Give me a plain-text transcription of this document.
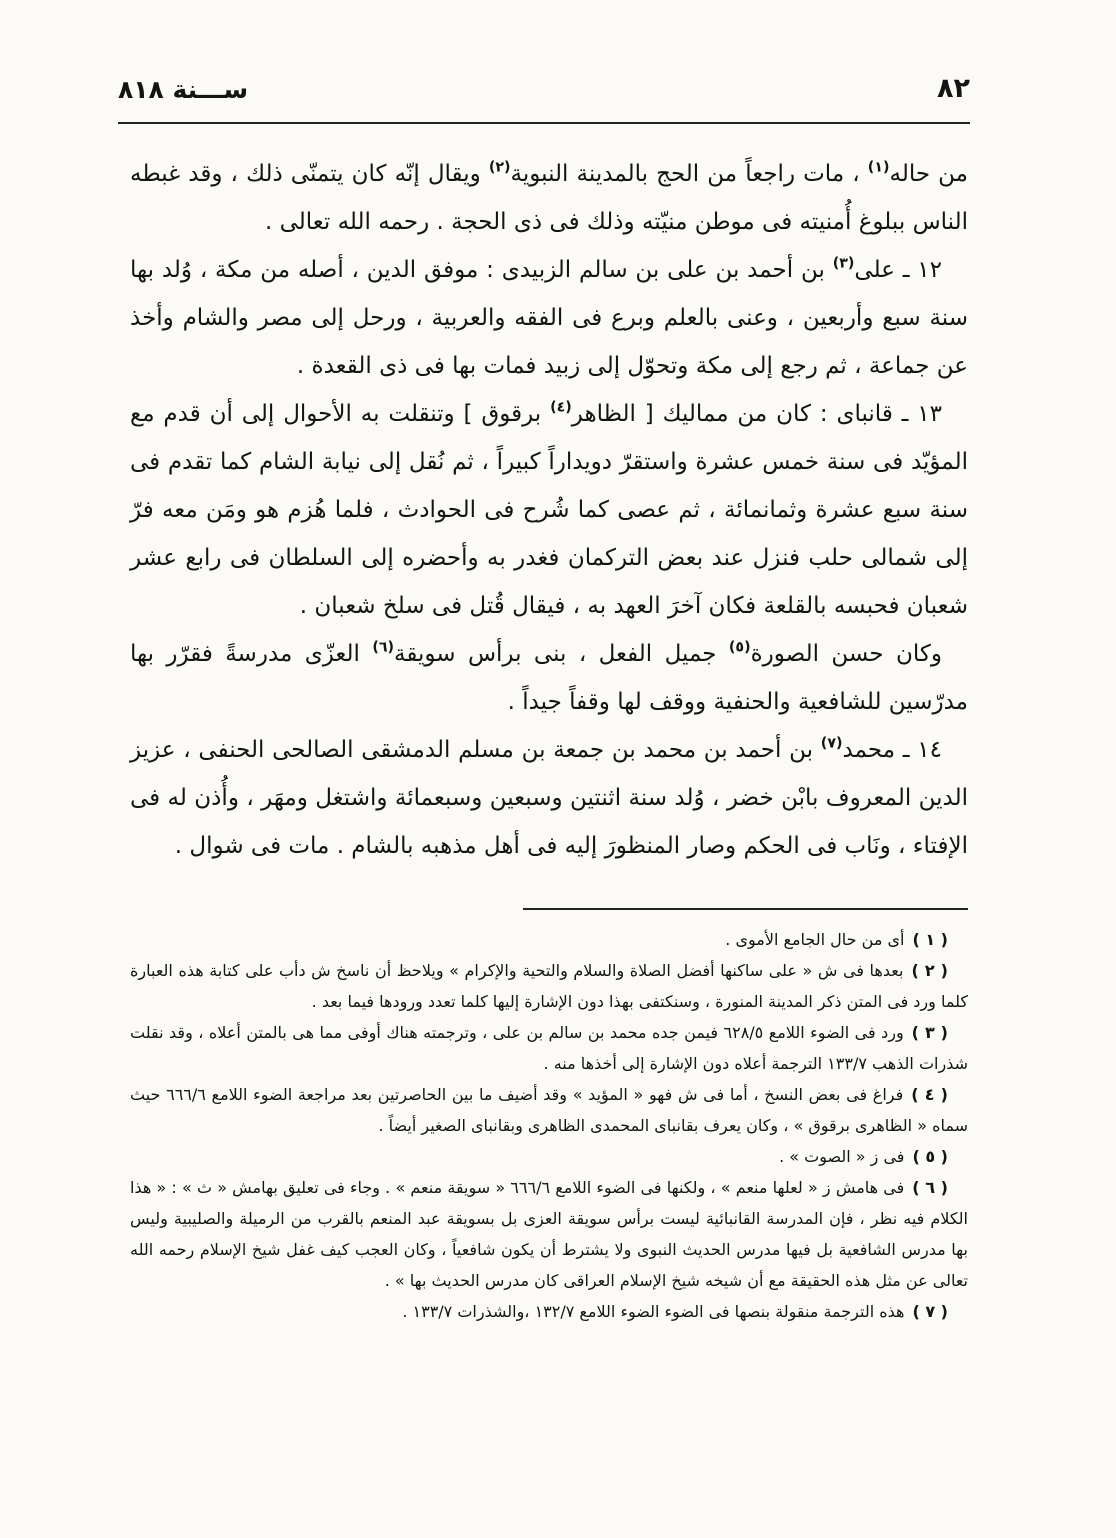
ســـنة ٨١٨	٨٢

من حاله$^{(١)}$ ، مات راجعاً من الحج بالمدينة النبوية$^{(٢)}$ ويقال إنّه كان يتمنّى ذلك ، وقد غبطه الناس ببلوغ أُمنيته فى موطن منيّته وذلك فى ذى الحجة . رحمه الله تعالى .

١٢ ـ على$^{(٣)}$ بن أحمد بن على بن سالم الزبيدى : موفق الدين ، أصله من مكة ، وُلد بها سنة سبع وأربعين ، وعنى بالعلم وبرع فى الفقه والعربية ، ورحل إلى مصر والشام وأخذ عن جماعة ، ثم رجع إلى مكة وتحوّل إلى زبيد فمات بها فى ذى القعدة .

١٣ ـ قانباى : كان من مماليك [ الظاهر$^{(٤)}$ برقوق ] وتنقلت به الأحوال إلى أن قدم مع المؤيّد فى سنة خمس عشرة واستقرّ دويداراً كبيراً ، ثم نُقل إلى نيابة الشام كما تقدم فى سنة سبع عشرة وثمانمائة ، ثم عصى كما شُرح فى الحوادث ، فلما هُزم هو ومَن معه فرّ إلى شمالى حلب فنزل عند بعض التركمان فغدر به وأحضره إلى السلطان فى رابع عشر شعبان فحبسه بالقلعة فكان آخرَ العهد به ، فيقال قُتل فى سلخ شعبان .

وكان حسن الصورة$^{(٥)}$ جميل الفعل ، بنى برأس سويقة$^{(٦)}$ العزّى مدرسةً فقرّر بها مدرّسين للشافعية والحنفية ووقف لها وقفاً جيداً .

١٤ ـ محمد$^{(٧)}$ بن أحمد بن محمد بن جمعة بن مسلم الدمشقى الصالحى الحنفى ، عزيز الدين المعروف بابْن خضر ، وُلد سنة اثنتين وسبعين وسبعمائة واشتغل ومهَر ، وأُذن له فى الإفتاء ، ونَاب فى الحكم وصار المنظورَ إليه فى أهل مذهبه بالشام . مات فى شوال .

( ١ )أى من حال الجامع الأموى .

( ٢ )بعدها فى ش « على ساكنها أفضل الصلاة والسلام والتحية والإكرام » ويلاحظ أن ناسخ ش دأب على كتابة هذه العبارة كلما ورد فى المتن ذكر المدينة المنورة ، وسنكتفى بهذا دون الإشارة إليها كلما تعدد ورودها فيما بعد .

( ٣ )ورد فى الضوء اللامع ٦٢٨/٥ فيمن جده محمد بن سالم بن على ، وترجمته هناك أوفى مما هى بالمتن أعلاه ، وقد نقلت شذرات الذهب ١٣٣/٧ الترجمة أعلاه دون الإشارة إلى أخذها منه .

( ٤ )فراغ فى بعض النسخ ، أما فى ش فهو « المؤيد » وقد أضيف ما بين الحاصرتين بعد مراجعة الضوء اللامع ٦٦٦/٦ حيث سماه « الظاهرى برقوق » ، وكان يعرف بقانباى المحمدى الظاهرى وبقانباى الصغير أيضاً .

( ٥ )فى ز « الصوت » .

( ٦ )فى هامش ز « لعلها منعم » ، ولكنها فى الضوء اللامع ٦٦٦/٦ « سويقة منعم » . وجاء فى تعليق بهامش « ث » : « هذا الكلام فيه نظر ، فإن المدرسة القانبائية ليست برأس سويقة العزى بل بسويقة عبد المنعم بالقرب من الرميلة والصليبية وليس بها مدرس الشافعية بل فيها مدرس الحديث النبوى ولا يشترط أن يكون شافعياً ، وكان العجب كيف غفل شيخ الإسلام رحمه الله تعالى عن مثل هذه الحقيقة مع أن شيخه شيخ الإسلام العراقى كان مدرس الحديث بها » .

( ٧ )هذه الترجمة منقولة بنصها فى الضوء الضوء اللامع ١٣٢/٧ ،والشذرات ١٣٣/٧ .
